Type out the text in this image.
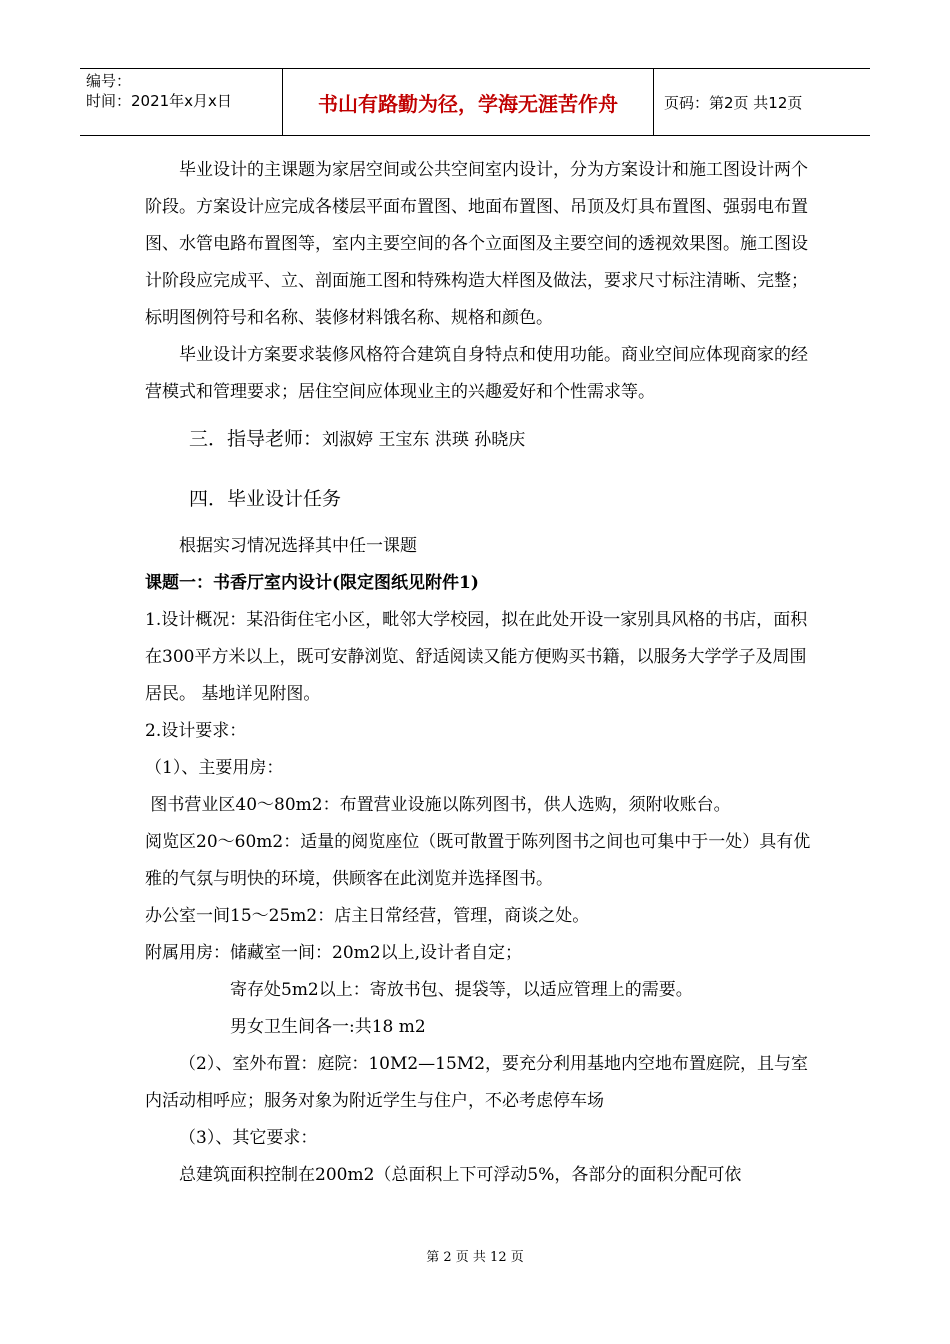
编号：
时间：2021年x月x日	书山有路勤为径，学海无涯苦作舟	页码：第2页 共12页

毕业设计的主课题为家居空间或公共空间室内设计，分为方案设计和施工图设计两个阶段。方案设计应完成各楼层平面布置图、地面布置图、吊顶及灯具布置图、强弱电布置图、水管电路布置图等，室内主要空间的各个立面图及主要空间的透视效果图。施工图设计阶段应完成平、立、剖面施工图和特殊构造大样图及做法，要求尺寸标注清晰、完整；标明图例符号和名称、装修材料饿名称、规格和颜色。

毕业设计方案要求装修风格符合建筑自身特点和使用功能。商业空间应体现商家的经营模式和管理要求；居住空间应体现业主的兴趣爱好和个性需求等。

三．指导老师：刘淑婷 王宝东 洪瑛 孙晓庆

四．毕业设计任务

根据实习情况选择其中任一课题

课题一：书香厅室内设计(限定图纸见附件1)

1.设计概况：某沿街住宅小区，毗邻大学校园，拟在此处开设一家别具风格的书店，面积在300平方米以上，既可安静浏览、舒适阅读又能方便购买书籍，以服务大学学子及周围居民。 基地详见附图。

2.设计要求：

（1）、主要用房：

图书营业区40～80m2：布置营业设施以陈列图书，供人选购，须附收账台。

阅览区20～60m2：适量的阅览座位（既可散置于陈列图书之间也可集中于一处）具有优雅的气氛与明快的环境，供顾客在此浏览并选择图书。

办公室一间15～25m2：店主日常经营，管理，商谈之处。

附属用房：储藏室一间：20m2以上,设计者自定；

寄存处5m2以上：寄放书包、提袋等，以适应管理上的需要。

男女卫生间各一:共18 m2

（2）、室外布置：庭院：10M2—15M2，要充分利用基地内空地布置庭院，且与室内活动相呼应；服务对象为附近学生与住户，不必考虑停车场

（3）、其它要求：

总建筑面积控制在200m2（总面积上下可浮动5%，各部分的面积分配可依

第 2 页 共 12 页
